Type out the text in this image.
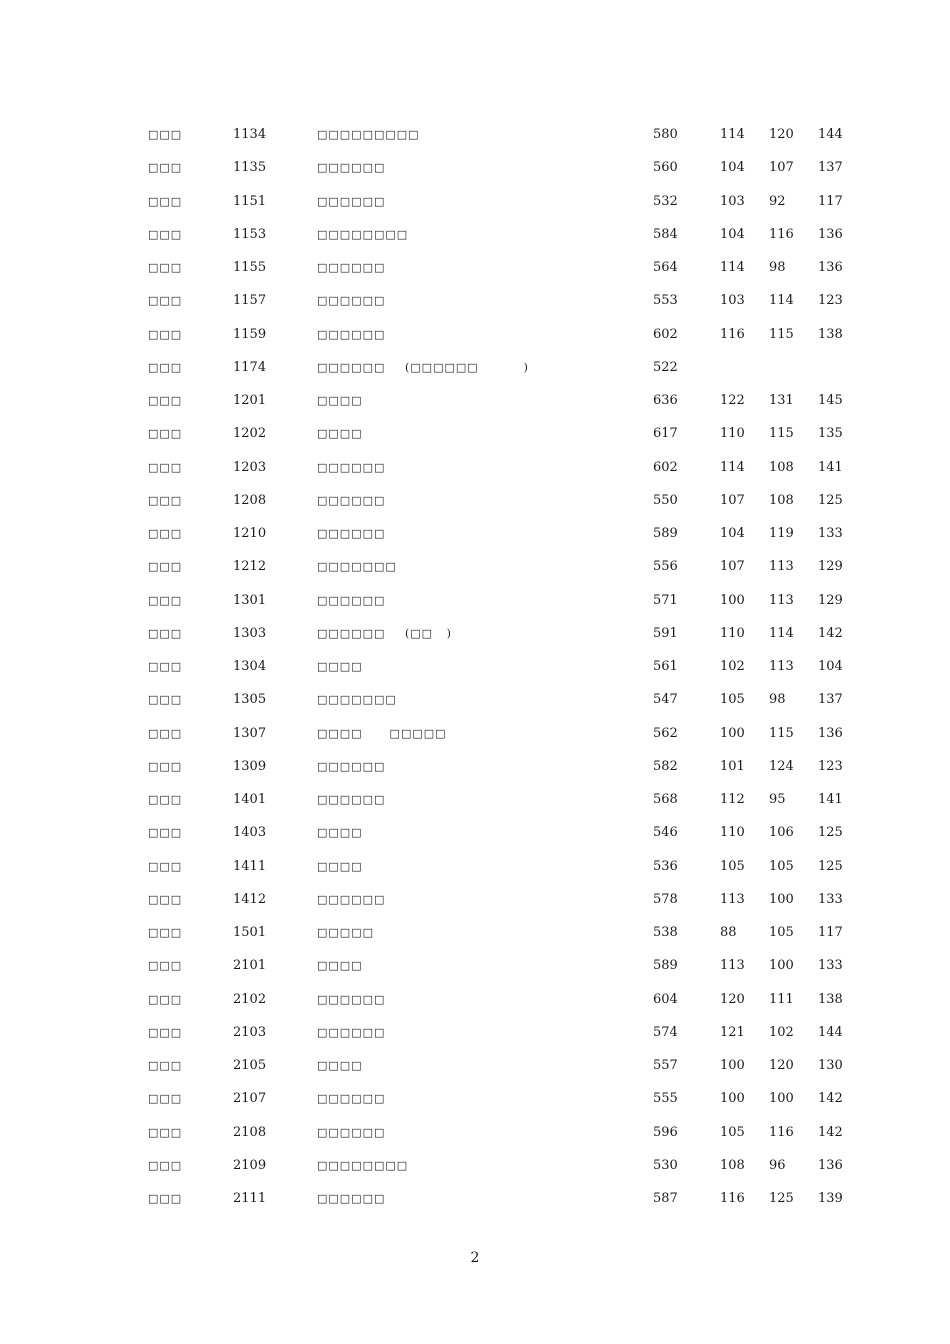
□□□	1134	□□□□□□□□□	580	114 120 144
□□□	1135	□□□□□□	560	104 107 137
□□□	1151	□□□□□□	532	103 92 117
□□□	1153	□□□□□□□□	584	104 116 136
□□□	1155	□□□□□□	564	114 98 136
□□□	1157	□□□□□□	553	103 114 123
□□□	1159	□□□□□□	602	116 115 138
□□□	1174	□□□□□□ (□□□□□□          )	522
□□□	1201	□□□□	636	122 131 145
□□□	1202	□□□□	617	110 115 135
□□□	1203	□□□□□□	602	114 108 141
□□□	1208	□□□□□□	550	107 108 125
□□□	1210	□□□□□□	589	104 119 133
□□□	1212	□□□□□□□	556	107 113 129
□□□	1301	□□□□□□	571	100 113 129
□□□	1303	□□□□□□ (□□   )	591	110 114 142
□□□	1304	□□□□	561	102 113 104
□□□	1305	□□□□□□□	547	105 98 137
□□□	1307	□□□□      □□□□□	562	100 115 136
□□□	1309	□□□□□□	582	101 124 123
□□□	1401	□□□□□□	568	112 95 141
□□□	1403	□□□□	546	110 106 125
□□□	1411	□□□□	536	105 105 125
□□□	1412	□□□□□□	578	113 100 133
□□□	1501	□□□□□	538	88 105 117
□□□	2101	□□□□	589	113 100 133
□□□	2102	□□□□□□	604	120 111 138
□□□	2103	□□□□□□	574	121 102 144
□□□	2105	□□□□	557	100 120 130
□□□	2107	□□□□□□	555	100 100 142
□□□	2108	□□□□□□	596	105 116 142
□□□	2109	□□□□□□□□	530	108 96 136
□□□	2111	□□□□□□	587	116 125 139
2
